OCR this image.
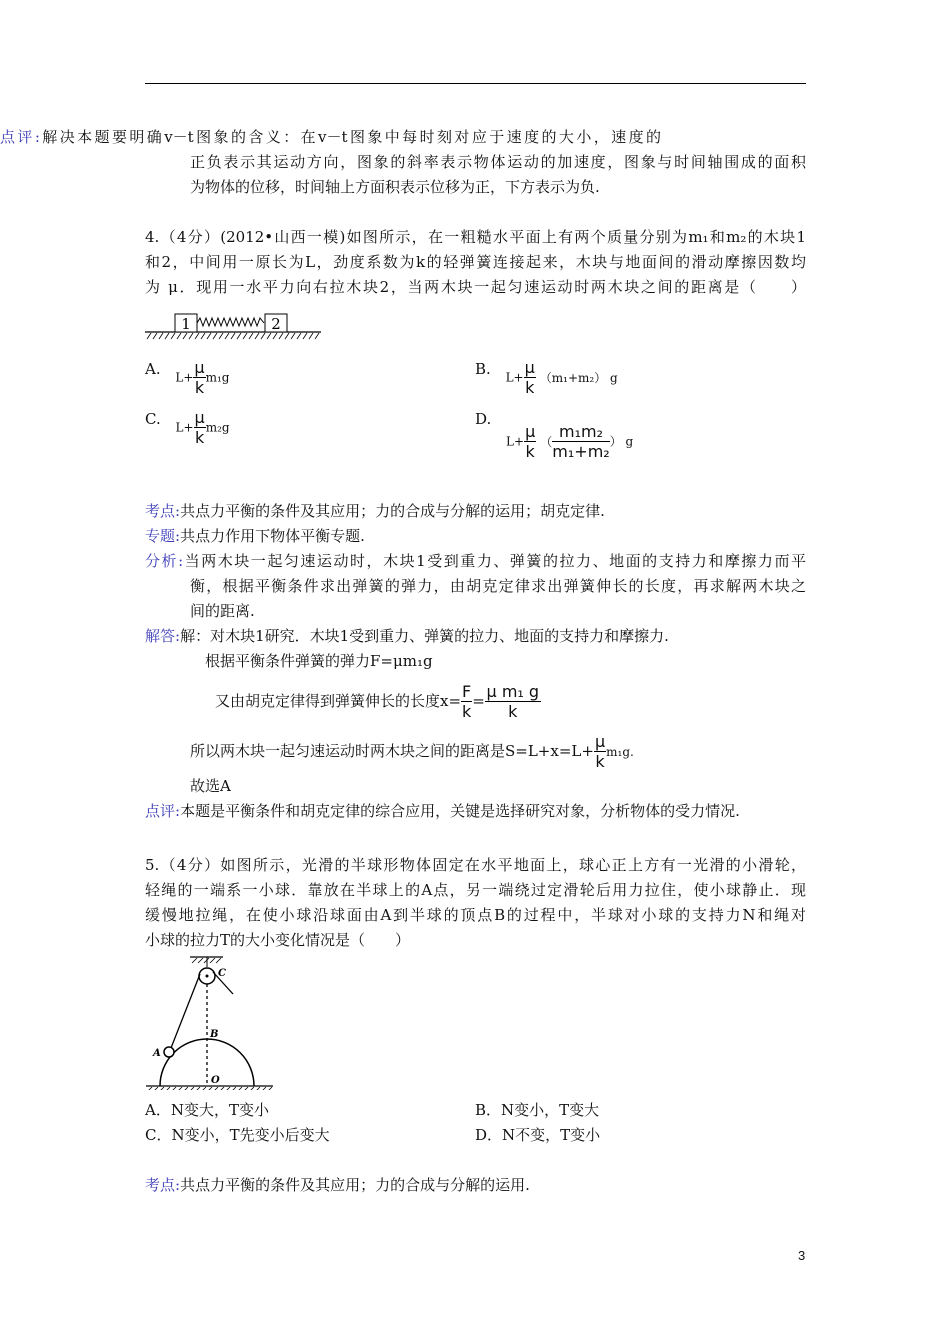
点评:解决本题要明确v－t图象的含义：在v－t图象中每时刻对应于速度的大小，速度的
正负表示其运动方向，图象的斜率表示物体运动的加速度，图象与时间轴围成的面积
为物体的位移，时间轴上方面积表示位移为正，下方表示为负.
4.（4分）(2012•山西一模)如图所示，在一粗糙水平面上有两个质量分别为m₁和m₂的木块1
和2，中间用一原长为L，劲度系数为k的轻弹簧连接起来，木块与地面间的滑动摩擦因数均
为 μ．现用一水平力向右拉木块2，当两木块一起匀速运动时两木块之间的距离是（　　）
1	2
A. $L+ \frac{\mu}{k} m_1g$	B. $L+ \frac{\mu}{k} (m_1+m_2)$ g
C. $L+ \frac{\mu}{k} m_2g$	D. $L+ \frac{\mu}{k}$ （ $\frac{\text{m₁m₂}}{\text{m₁+m₂}}$ ） g
考点:共点力平衡的条件及其应用；力的合成与分解的运用；胡克定律.
专题:共点力作用下物体平衡专题.
分析:当两木块一起匀速运动时，木块1受到重力、弹簧的拉力、地面的支持力和摩擦力而平
衡，根据平衡条件求出弹簧的弹力，由胡克定律求出弹簧伸长的长度，再求解两木块之
间的距离.
解答:解：对木块1研究．木块1受到重力、弹簧的拉力、地面的支持力和摩擦力.
根据平衡条件弹簧的弹力F=μm₁g
又由胡克定律得到弹簧伸长的长度$x= \frac{F}{k} = \frac{\text{μ m₁ g}}{k}$
所以两木块一起匀速运动时两木块之间的距离是$S=L+x=L+ \frac{\mu}{k} m_1g$.
故选A
点评:本题是平衡条件和胡克定律的综合应用，关键是选择研究对象，分析物体的受力情况.
5.（4分）如图所示，光滑的半球形物体固定在水平地面上，球心正上方有一光滑的小滑轮，
轻绳的一端系一小球．靠放在半球上的A点，另一端绕过定滑轮后用力拉住，使小球静止．现
缓慢地拉绳，在使小球沿球面由A到半球的顶点B的过程中，半球对小球的支持力N和绳对
小球的拉力T的大小变化情况是（　　）
C
B
A
O
A．N变大，T变小	B．N变小，T变大
C．N变小，T先变小后变大	D．N不变，T变小
考点:共点力平衡的条件及其应用；力的合成与分解的运用.
3
